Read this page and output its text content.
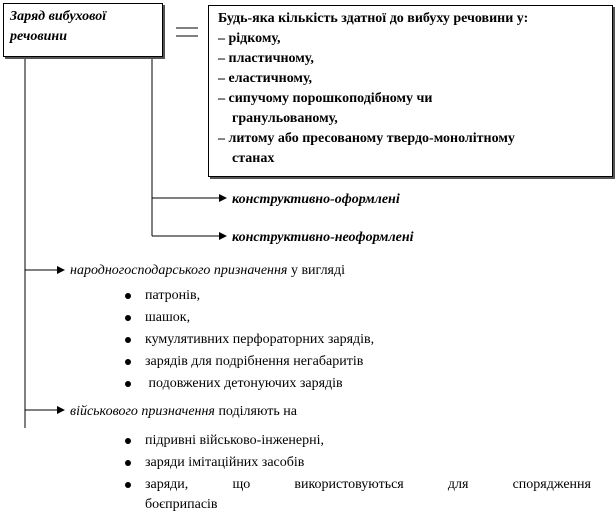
Заряд вибухової
речовини
Будь-яка кількість здатної до вибуху речовини у:
– рідкому,
– пластичному,
– еластичному,
– сипучому порошкоподібному чи
гранульованому,
– литому або пресованому твердо-монолітному
станах
конструктивно-оформлені
конструктивно-неоформлені
народногосподарського призначення у вигляді
патронів,
шашок,
кумулятивних перфораторних зарядів,
зарядів для подрібнення негабаритів
подовжених детонуючих зарядів
військового призначення поділяють на
підривні військово-інженерні,
заряди імітаційних засобів
заряди,	що	використовуються	для	спорядження
боєприпасів
